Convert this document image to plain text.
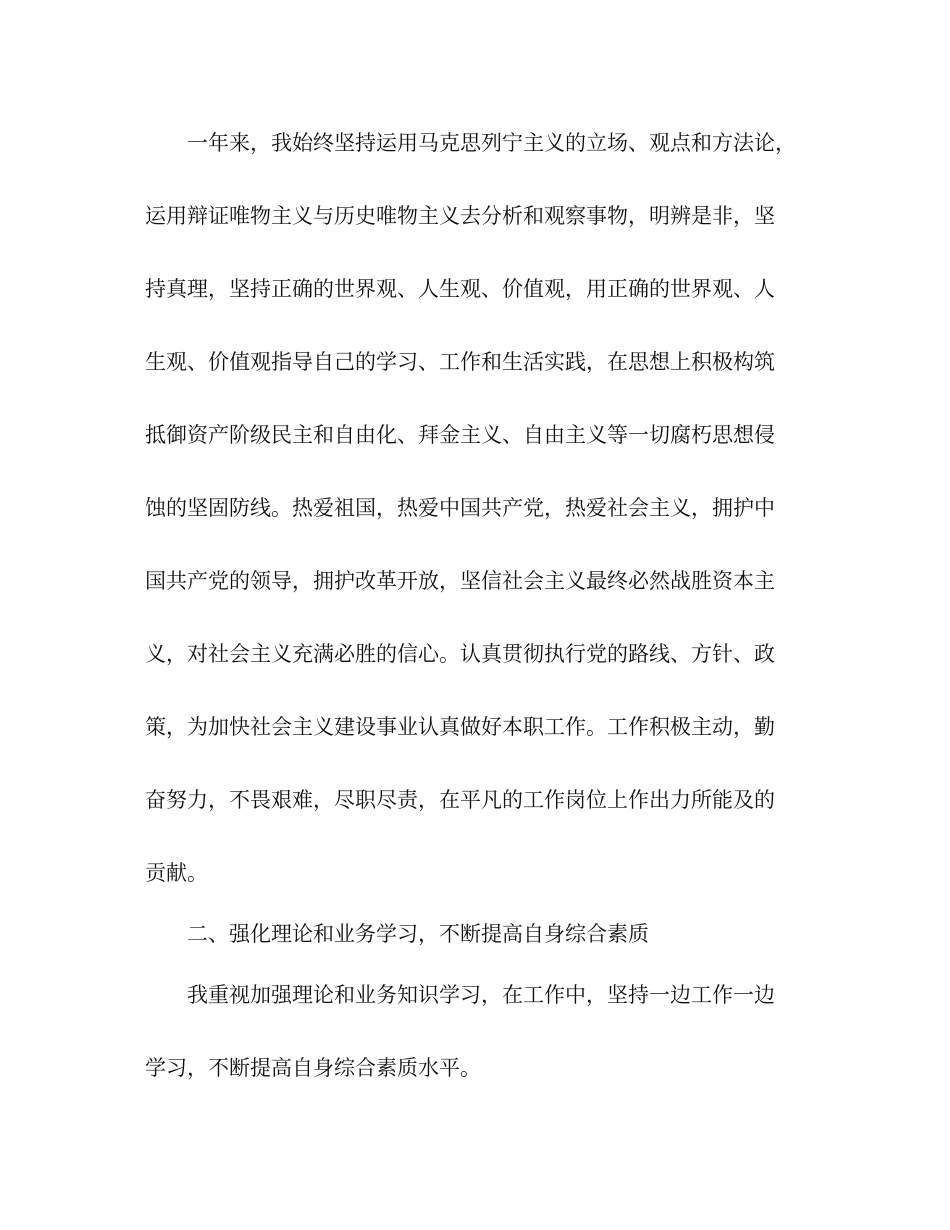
一年来，我始终坚持运用马克思列宁主义的立场、观点和方法论，

运用辩证唯物主义与历史唯物主义去分析和观察事物，明辨是非，坚

持真理，坚持正确的世界观、人生观、价值观，用正确的世界观、人

生观、价值观指导自己的学习、工作和生活实践，在思想上积极构筑

抵御资产阶级民主和自由化、拜金主义、自由主义等一切腐朽思想侵

蚀的坚固防线。热爱祖国，热爱中国共产党，热爱社会主义，拥护中

国共产党的领导，拥护改革开放，坚信社会主义最终必然战胜资本主

义，对社会主义充满必胜的信心。认真贯彻执行党的路线、方针、政

策，为加快社会主义建设事业认真做好本职工作。工作积极主动，勤

奋努力，不畏艰难，尽职尽责，在平凡的工作岗位上作出力所能及的

贡献。

二、强化理论和业务学习，不断提高自身综合素质

我重视加强理论和业务知识学习，在工作中，坚持一边工作一边

学习，不断提高自身综合素质水平。
